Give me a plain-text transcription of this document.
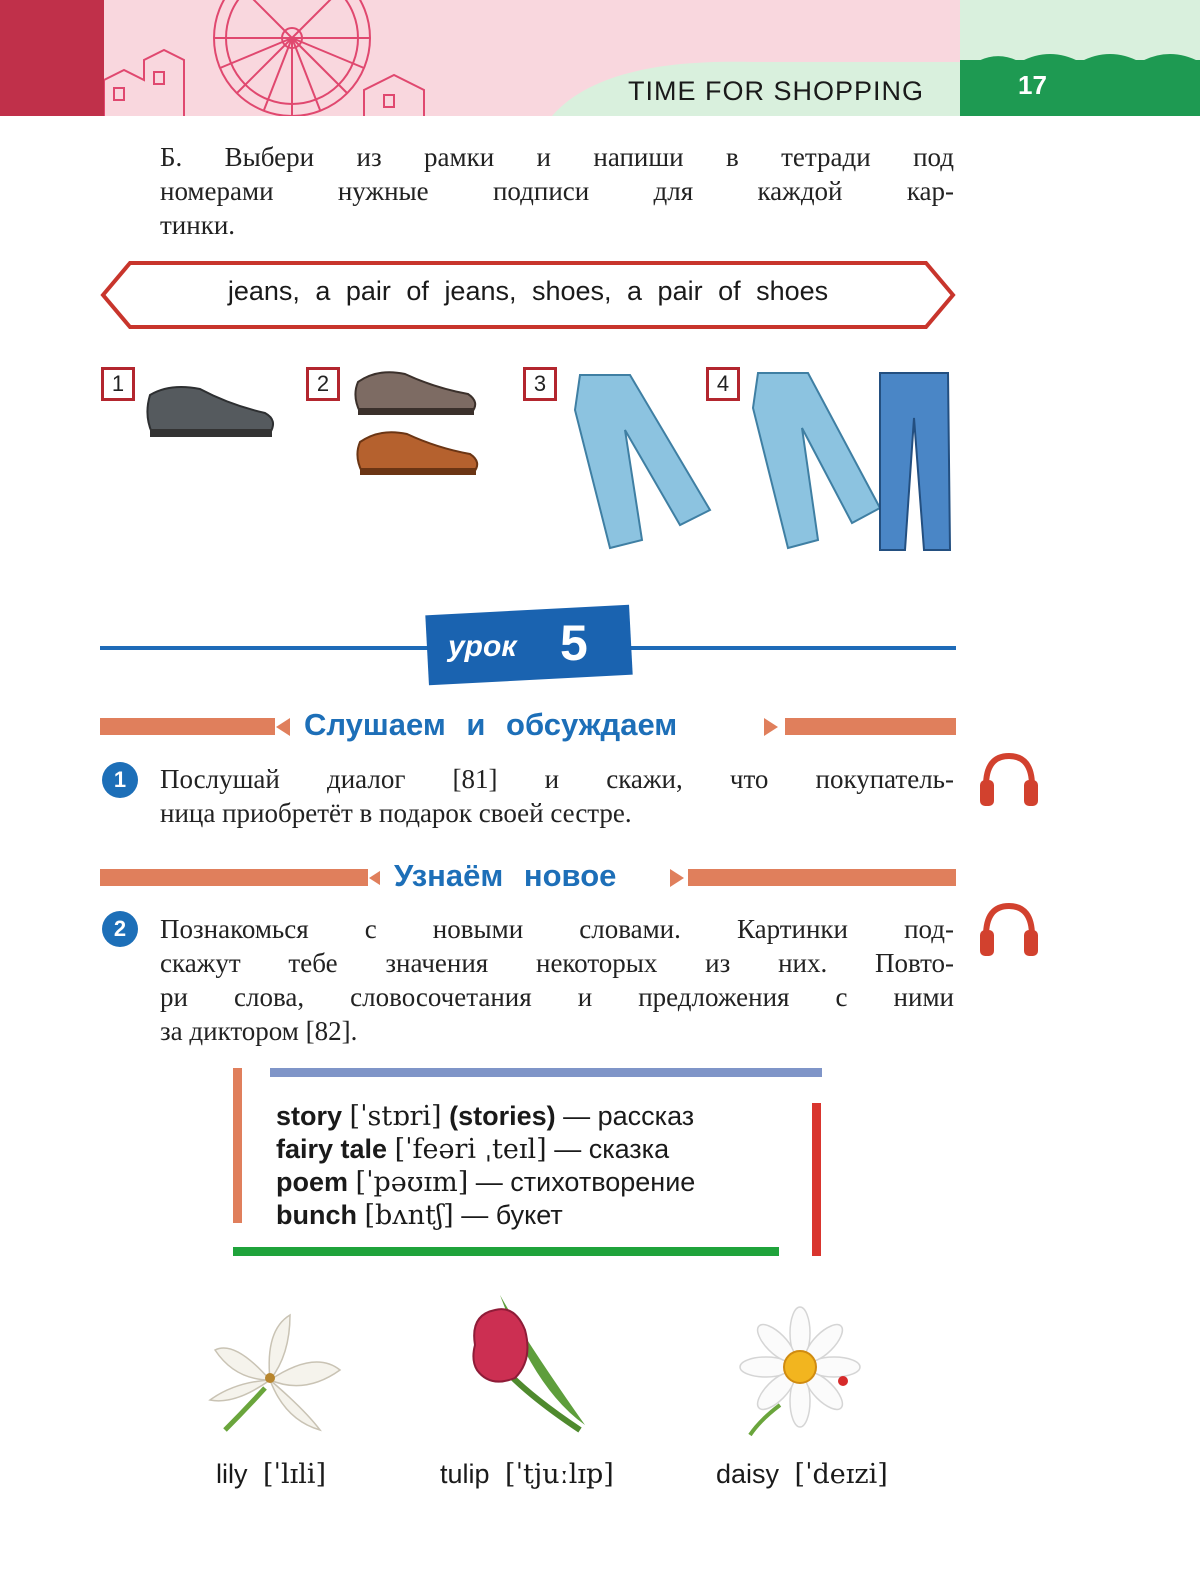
TIME FOR SHOPPING	17
Б. Выбери из рамки и напиши в тетради под
номерами нужные подписи для каждой кар-
тинки.
jeans, a pair of jeans, shoes, a pair of shoes
1	2	3	4
урок 5
Слушаем и обсуждаем
1	Послушай диалог [81] и скажи, что покупатель-
ница приобретёт в подарок своей сестре.
Узнаём новое
2	Познакомься с новыми словами. Картинки под-
скажут тебе значения некоторых из них. Повто-
ри слова, словосочетания и предложения с ними
за диктором [82].
story [ˈstɒri] (stories) — рассказ
fairy tale [ˈfeəri ˌteɪl] — сказка
poem [ˈpəʊɪm] — стихотворение
bunch [bʌntʃ] — букет
lily [ˈlɪli]	tulip [ˈtjuːlɪp]	daisy [ˈdeɪzi]
